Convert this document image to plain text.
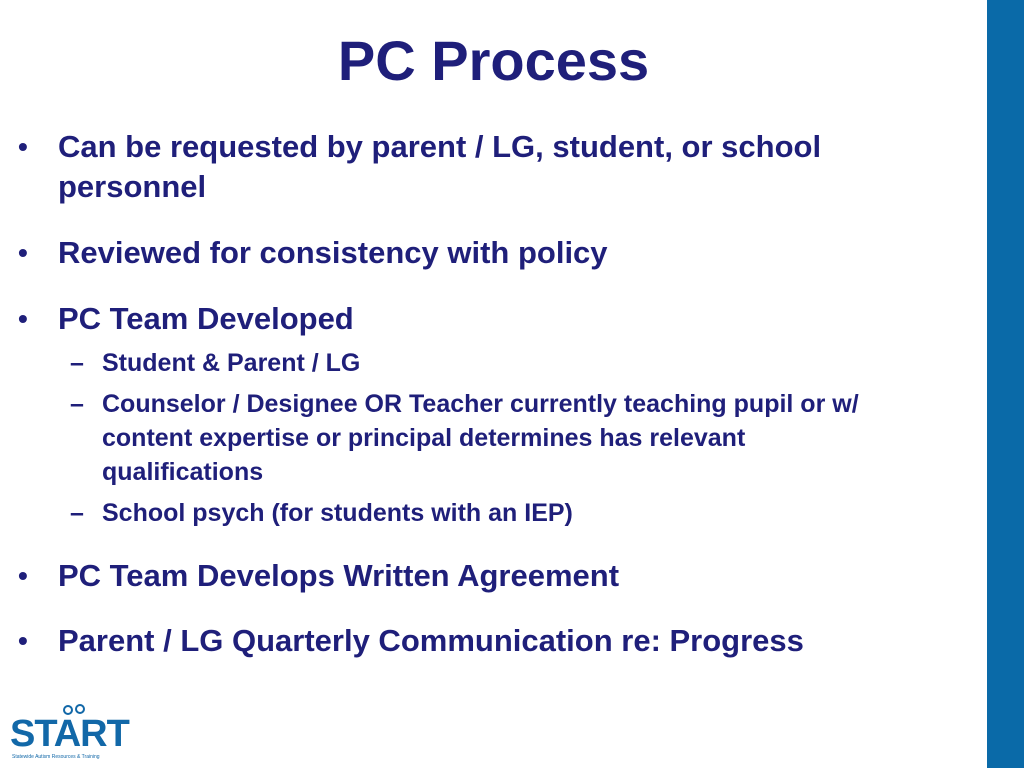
PC Process
• Can be requested by parent / LG, student, or school
personnel
• Reviewed for consistency with policy
• PC Team Developed
– Student & Parent / LG
– Counselor / Designee OR Teacher currently teaching pupil or w/
content expertise or principal determines has relevant
qualifications
– School psych (for students with an IEP)
• PC Team Develops Written Agreement
• Parent / LG Quarterly Communication re: Progress
START
Statewide Autism Resources & Training
